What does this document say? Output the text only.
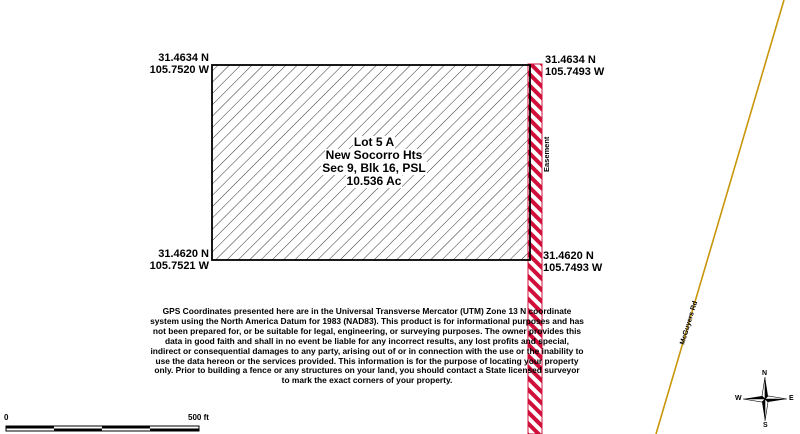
McGuyers Rd
Easement
31.4634 N
105.7520 W
31.4634 N
105.7493 W
31.4620 N
105.7521 W
31.4620 N
105.7493 W
Lot 5 A
New Socorro Hts
Sec 9, Blk 16, PSL
10.536 Ac
GPS Coordinates presented here are in the Universal Transverse Mercator (UTM) Zone 13 N coordinate system using the North America Datum for 1983 (NAD83). This product is for informational purposes and has not been prepared for, or be suitable for legal, engineering, or surveying purposes. The owner provides this data in good faith and shall in no event be liable for any incorrect results, any lost profits and special, indirect or consequential damages to any party, arising out of or in connection with the use or the inability to use the data hereon or the services provided. This information is for the purpose of locating your property only. Prior to building a fence or any structures on your land, you should contact a State licensed surveyor to mark the exact corners of your property.
0	500 ft
N
S
E
W
